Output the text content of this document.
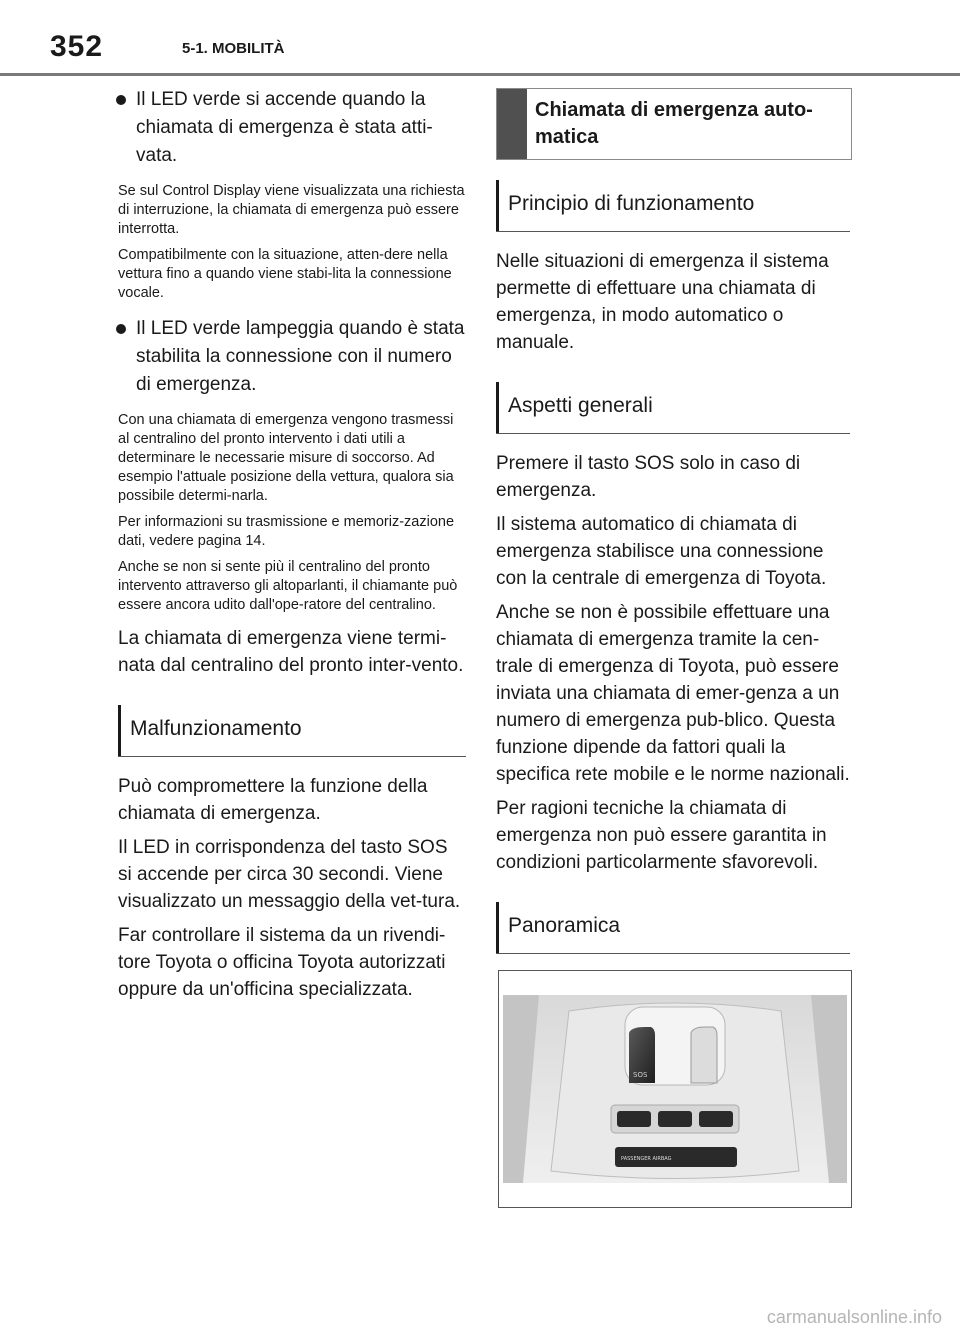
352	5-1. MOBILITÀ
Il LED verde si accende quando la chiamata di emergenza è stata atti-vata.

Se sul Control Display viene visualizzata una richiesta di interruzione, la chiamata di emergenza può essere interrotta.

Compatibilmente con la situazione, atten-dere nella vettura fino a quando viene stabi-lita la connessione vocale.

Il LED verde lampeggia quando è stata stabilita la connessione con il numero di emergenza.

Con una chiamata di emergenza vengono trasmessi al centralino del pronto intervento i dati utili a determinare le necessarie misure di soccorso. Ad esempio l'attuale posizione della vettura, qualora sia possibile determi-narla.

Per informazioni su trasmissione e memoriz-zazione dati, vedere pagina 14.

Anche se non si sente più il centralino del pronto intervento attraverso gli altoparlanti, il chiamante può essere ancora udito dall'ope-ratore del centralino.

La chiamata di emergenza viene termi-nata dal centralino del pronto inter-vento.

Malfunzionamento

Può compromettere la funzione della chiamata di emergenza.

Il LED in corrispondenza del tasto SOS si accende per circa 30 secondi. Viene visualizzato un messaggio della vet-tura.

Far controllare il sistema da un rivendi-tore Toyota o officina Toyota autorizzati oppure da un'officina specializzata.

Chiamata di emergenza auto-matica
Principio di funzionamento

Nelle situazioni di emergenza il sistema permette di effettuare una chiamata di emergenza, in modo automatico o manuale.

Aspetti generali

Premere il tasto SOS solo in caso di emergenza.

Il sistema automatico di chiamata di emergenza stabilisce una connessione con la centrale di emergenza di Toyota.

Anche se non è possibile effettuare una chiamata di emergenza tramite la cen-trale di emergenza di Toyota, può essere inviata una chiamata di emer-genza a un numero di emergenza pub-blico. Questa funzione dipende da fattori quali la specifica rete mobile e le norme nazionali.

Per ragioni tecniche la chiamata di emergenza non può essere garantita in condizioni particolarmente sfavorevoli.

Panoramica
SOS
PASSENGER AIRBAG
carmanualsonline.info
